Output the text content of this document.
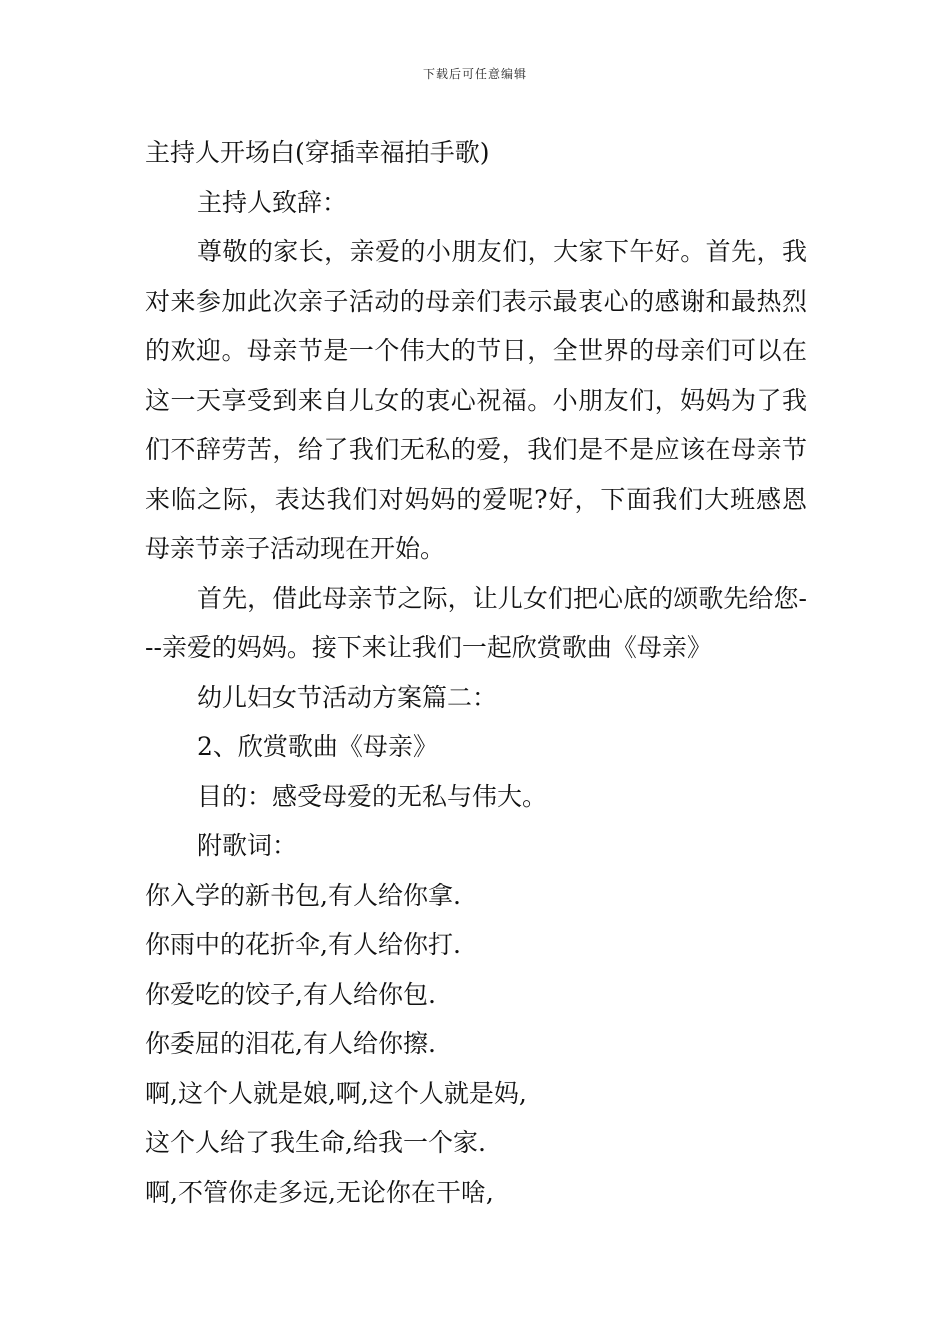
下载后可任意编辑

主持人开场白(穿插幸福拍手歌)

主持人致辞：

尊敬的家长，亲爱的小朋友们，大家下午好。首先，我对来参加此次亲子活动的母亲们表示最衷心的感谢和最热烈的欢迎。母亲节是一个伟大的节日，全世界的母亲们可以在这一天享受到来自儿女的衷心祝福。小朋友们，妈妈为了我们不辞劳苦，给了我们无私的爱，我们是不是应该在母亲节来临之际，表达我们对妈妈的爱呢?好，下面我们大班感恩母亲节亲子活动现在开始。

首先，借此母亲节之际，让儿女们把心底的颂歌先给您---亲爱的妈妈。接下来让我们一起欣赏歌曲《母亲》

幼儿妇女节活动方案篇二：

2、欣赏歌曲《母亲》

目的：感受母爱的无私与伟大。

附歌词：

你入学的新书包,有人给你拿.

你雨中的花折伞,有人给你打.

你爱吃的饺子,有人给你包.

你委屈的泪花,有人给你擦.

啊,这个人就是娘,啊,这个人就是妈,

这个人给了我生命,给我一个家.

啊,不管你走多远,无论你在干啥,
